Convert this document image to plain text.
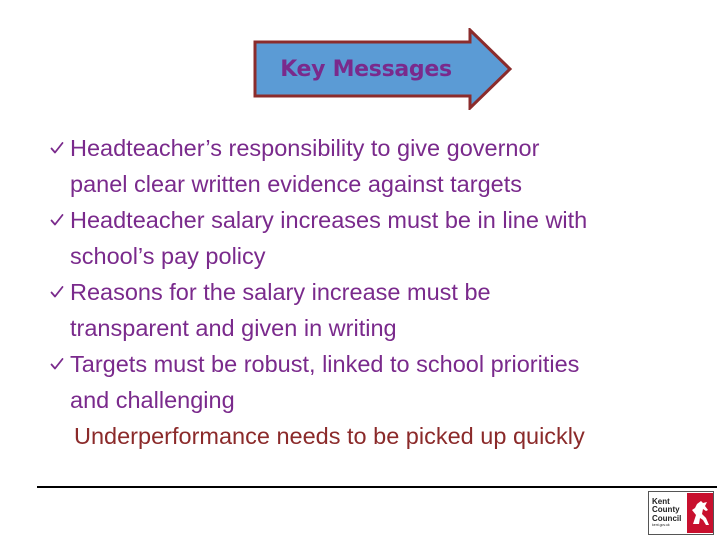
Key Messages
Headteacher’s responsibility to give governor
panel clear written evidence against targets
Headteacher salary increases must be in line with
school’s pay policy
Reasons for the salary increase must be
transparent and given in writing
Targets must be robust, linked to school priorities
and challenging
Underperformance needs to be picked up quickly
Kent
County
Council
kent.gov.uk
